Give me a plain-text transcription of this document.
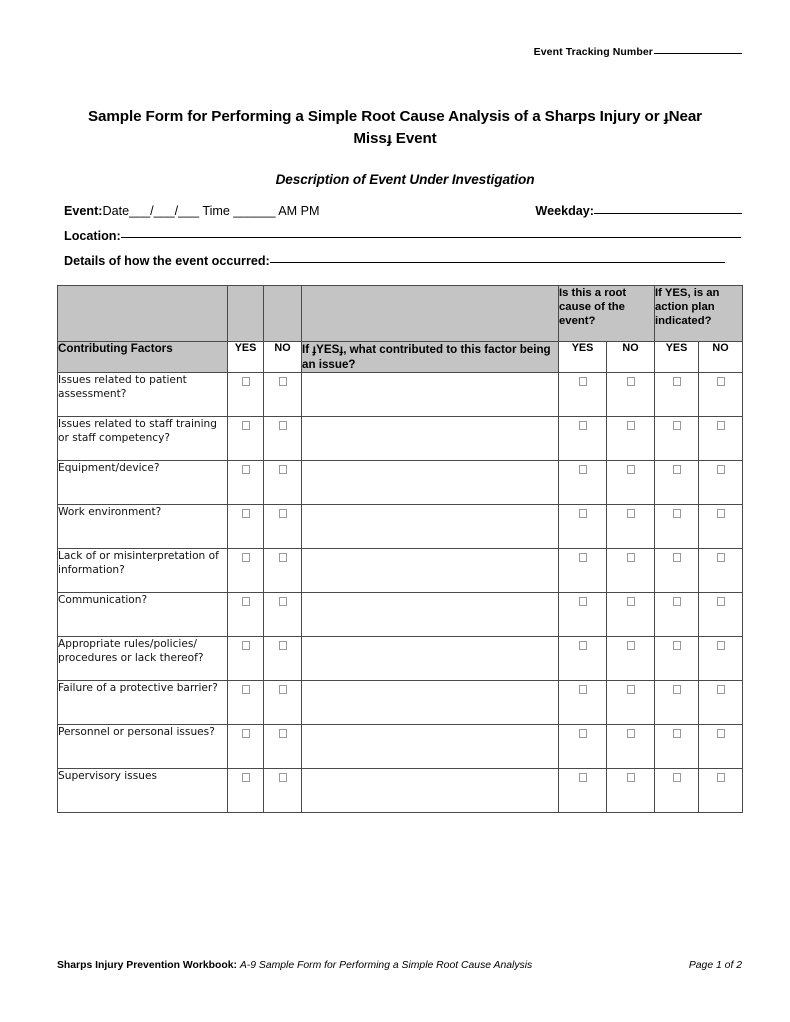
Event Tracking Number
Sample Form for Performing a Simple Root Cause Analysis of a Sharps Injury or ɟNear Missɟ Event
Description of Event Under Investigation
Event:Date___/___/___ Time ______ AM PM	Weekday:
Location:
Details of how the event occurred:
				Is this a root cause of the event?		If YES, is an action plan indicated?	
Contributing Factors	YES	NO	If ɟYESɟ, what contributed to this factor being an issue?	YES	NO	YES	NO
Issues related to patient assessment?							
Issues related to staff training or staff competency?							
Equipment/device?							
Work environment?							
Lack of or misinterpretation of information?							
Communication?							
Appropriate rules/policies/ procedures or lack thereof?							
Failure of a protective barrier?							
Personnel or personal issues?							
Supervisory issues							
Sharps Injury Prevention Workbook: A-9 Sample Form for Performing a Simple Root Cause Analysis	Page 1 of 2
